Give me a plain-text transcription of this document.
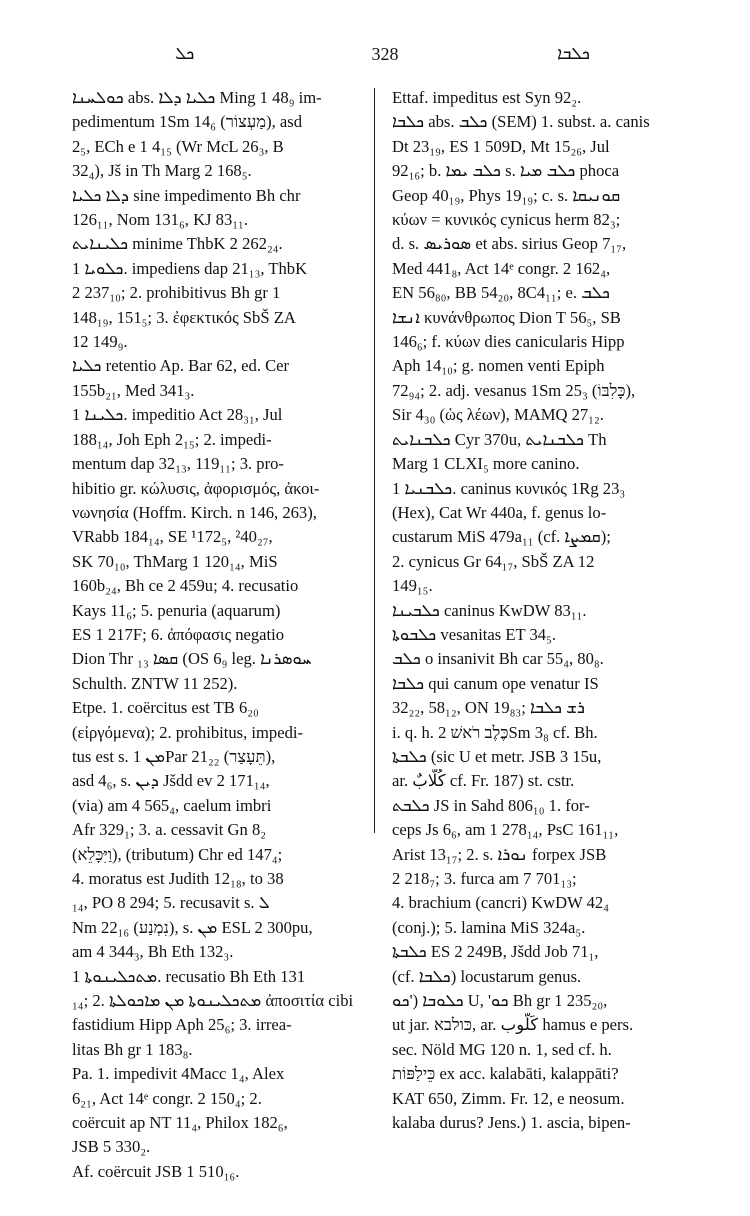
ܟܠ	328	ܟܠܒܐ
ܟܘܠܚܢܐ abs. ܟܠܝܐ ܕܠܐ Ming 1 48₉ im-
pedimentum 1Sm 14₆ (מַעְצוֹר), asd
2₅, ECh e 1 4₁₅ (Wr McL 26₃, B
32₄), Jš in Th Marg 2 168₅.
ܕܠܐ ܟܠܝܐ sine impedimento Bh chr
126₁₁, Nom 131₆, KJ 83₁₁.
ܟܠܝܢܐܝܬ minime ThbK 2 262₂₄.
ܟܠܘܝܐ 1. impediens dap 21₁₃, ThbK
2 237₁₀; 2. prohibitivus Bh gr 1
148₁₉, 151₅; 3. ἐφεκτικός SbŠ ZA
12 149₉.
ܟܠܝܐ retentio Ap. Bar 62, ed. Cer
155b₂₁, Med 341₃.
ܟܠܝܢܐ 1. impeditio Act 28₃₁, Jul
188₁₄, Joh Eph 2₁₅; 2. impedi-
mentum dap 32₁₃, 119₁₁; 3. pro-
hibitio gr. κώλυσις, ἀφορισμός, ἀκοι-
νωνησία (Hoffm. Kirch. n 146, 263),
VRabb 184₁₄, SE ¹172₅, ²40₂₇,
SK 70₁₀, ThMarg 1 120₁₄, MiS
160b₂₄, Bh ce 2 459u; 4. recusatio
Kays 11₆; 5. penuria (aquarum)
ES 1 217F; 6. ἀπόφασις negatio
Dion Thr ܩܣܐ ₁₃ (OS 6₉ leg. ܚܘܣܪܢܐ
Schulth. ZNTW 11 252).
Etpe. 1. coërcitus est TB 6₂₀
(εἰργόμενα); 2. prohibitus, impedi-
tus est s. ܡܢ 1Par 21₂₂ (תֵּעָצַר),
asd 4₆, s. ܕܝܢ Jšdd ev 2 171₁₄,
(via) am 4 565₄, caelum imbri
Afr 329₁; 3. a. cessavit Gn 8₂
(וַיִּכָּלֵא), (tributum) Chr ed 147₄;
4. moratus est Judith 12₁₈, to 38
₁₄, PO 8 294; 5. recusavit s. ܠ
Nm 22₁₆ (נִמְנַע), s. ܡܢ ESL 2 300pu,
am 4 344₃, Bh Eth 132₃.
ܡܬܟܠܝܢܘܬܐ 1. recusatio Bh Eth 131
₁₄; 2. ܡܬܟܠܝܢܘܬܐ ܡܢ ܡܐܟܘܠܬܐ ἀποσιτία cibi
fastidium Hipp Aph 25₆; 3. irrea-
litas Bh gr 1 183₈.
Pa. 1. impedivit 4Macc 1₄, Alex
6₂₁, Act 14ᵉ congr. 2 150₄; 2.
coërcuit ap NT 11₄, Philox 182₆,
JSB 5 330₂.
Af. coërcuit JSB 1 510₁₆.
Ettaf. impeditus est Syn 92₂.
ܟܠܒܐ abs. ܟܠܒ (SEM) 1. subst. a. canis
Dt 23₁₉, ES 1 509D, Mt 15₂₆, Jul
92₁₆; b. ܟܠܒ ܝܡܐ s. ܟܠܒ ܡܝܐ phoca
Geop 40₁₉, Phys 19₁₉; c. s. ܩܘܢܝܩܐ
κύων = κυνικός cynicus herm 82₃;
d. s. ܣܘܪܝܣ et abs. sirius Geop 7₁₇,
Med 441₈, Act 14ᵉ congr. 2 162₄,
EN 56₈₀, BB 54₂₀, 8C4₁₁; e. ܟܠܒ
ܐܢܫܐ κυνάνθρωπος Dion T 56₅, SB
146₆; f. κύων dies canicularis Hipp
Aph 14₁₀; g. nomen venti Epiph
72₉₄; 2. adj. vesanus 1Sm 25₃ (כָּלִבּוֹ),
Sir 4₃₀ (ὡς λέων), MAMQ 27₁₂.
ܟܠܒܢܐܝܬ Cyr 370u, ܟܠܒܢܐܝܬ Th
Marg 1 CLXI₅ more canino.
ܟܠܒܢܝܐ 1. caninus κυνικός 1Rg 23₃
(Hex), Cat Wr 440a, f. genus lo-
custarum MiS 479a₁₁ (cf. ܩܡܨܐ);
2. cynicus Gr 64₁₇, SbŠ ZA 12
149₁₅.
ܟܠܒܝܢܐ caninus KwDW 83₁₁.
ܟܠܒܘܬܐ vesanitas ET 34₅.
ܟܠܒ o insanivit Bh car 55₄, 80₈.
ܟܠܒܐ qui canum ope venatur IS
32₂₂, 58₁₂, ON 19₈₃; ܪܫ ܟܠܒܐ
i. q. h. כֶּלֶב רֹאשׁ 2Sm 3₈ cf. Bh.
ܟܠܒܬܐ (sic U et metr. JSB 3 15u,
ar. كُلَّابٌ cf. Fr. 187) st. cstr.
ܟܠܒܬ JS in Sahd 806₁₀ 1. for-
ceps Js 6₆, am 1 278₁₄, PsC 161₁₁,
Arist 13₁₇; 2. s. ܢܘܪܐ forpex JSB
2 218₇; 3. furca am 7 701₁₃;
4. brachium (cancri) KwDW 42₄
(conj.); 5. lamina MiS 324a₅.
ܟܠܒܬܐ ES 2 249B, Jšdd Job 71₁,
(cf. ܟܠܒܐ) locustarum genus.
ܟܠܘܒܐ ('ܟܘ U, 'ܟܘ Bh gr 1 235₂₀,
ut jar. כּולבא, ar. كَلُّوب hamus e pers.
sec. Nöld MG 120 n. 1, sed cf. h.
כֵּילַפּוֹת ex acc. kalabāti, kalappāti?
KAT 650, Zimm. Fr. 12, e neosum.
kalaba durus? Jens.) 1. ascia, bipen-
